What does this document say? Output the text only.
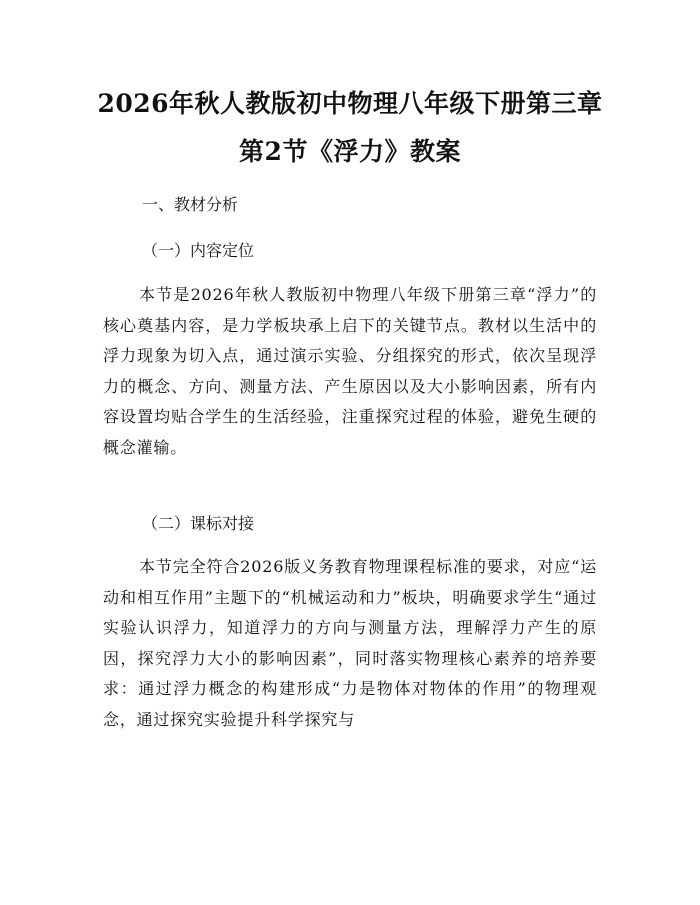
2026年秋人教版初中物理八年级下册第三章
第2节《浮力》教案
一、教材分析
（一）内容定位

本节是2026年秋人教版初中物理八年级下册第三章“浮力”的核心奠基内容，是力学板块承上启下的关键节点。教材以生活中的浮力现象为切入点，通过演示实验、分组探究的形式，依次呈现浮力的概念、方向、测量方法、产生原因以及大小影响因素，所有内容设置均贴合学生的生活经验，注重探究过程的体验，避免生硬的概念灌输。

（二）课标对接

本节完全符合2026版义务教育物理课程标准的要求，对应“运动和相互作用”主题下的“机械运动和力”板块，明确要求学生“通过实验认识浮力，知道浮力的方向与测量方法，理解浮力产生的原因，探究浮力大小的影响因素”，同时落实物理核心素养的培养要求：通过浮力概念的构建形成“力是物体对物体的作用”的物理观念，通过探究实验提升科学探究与
